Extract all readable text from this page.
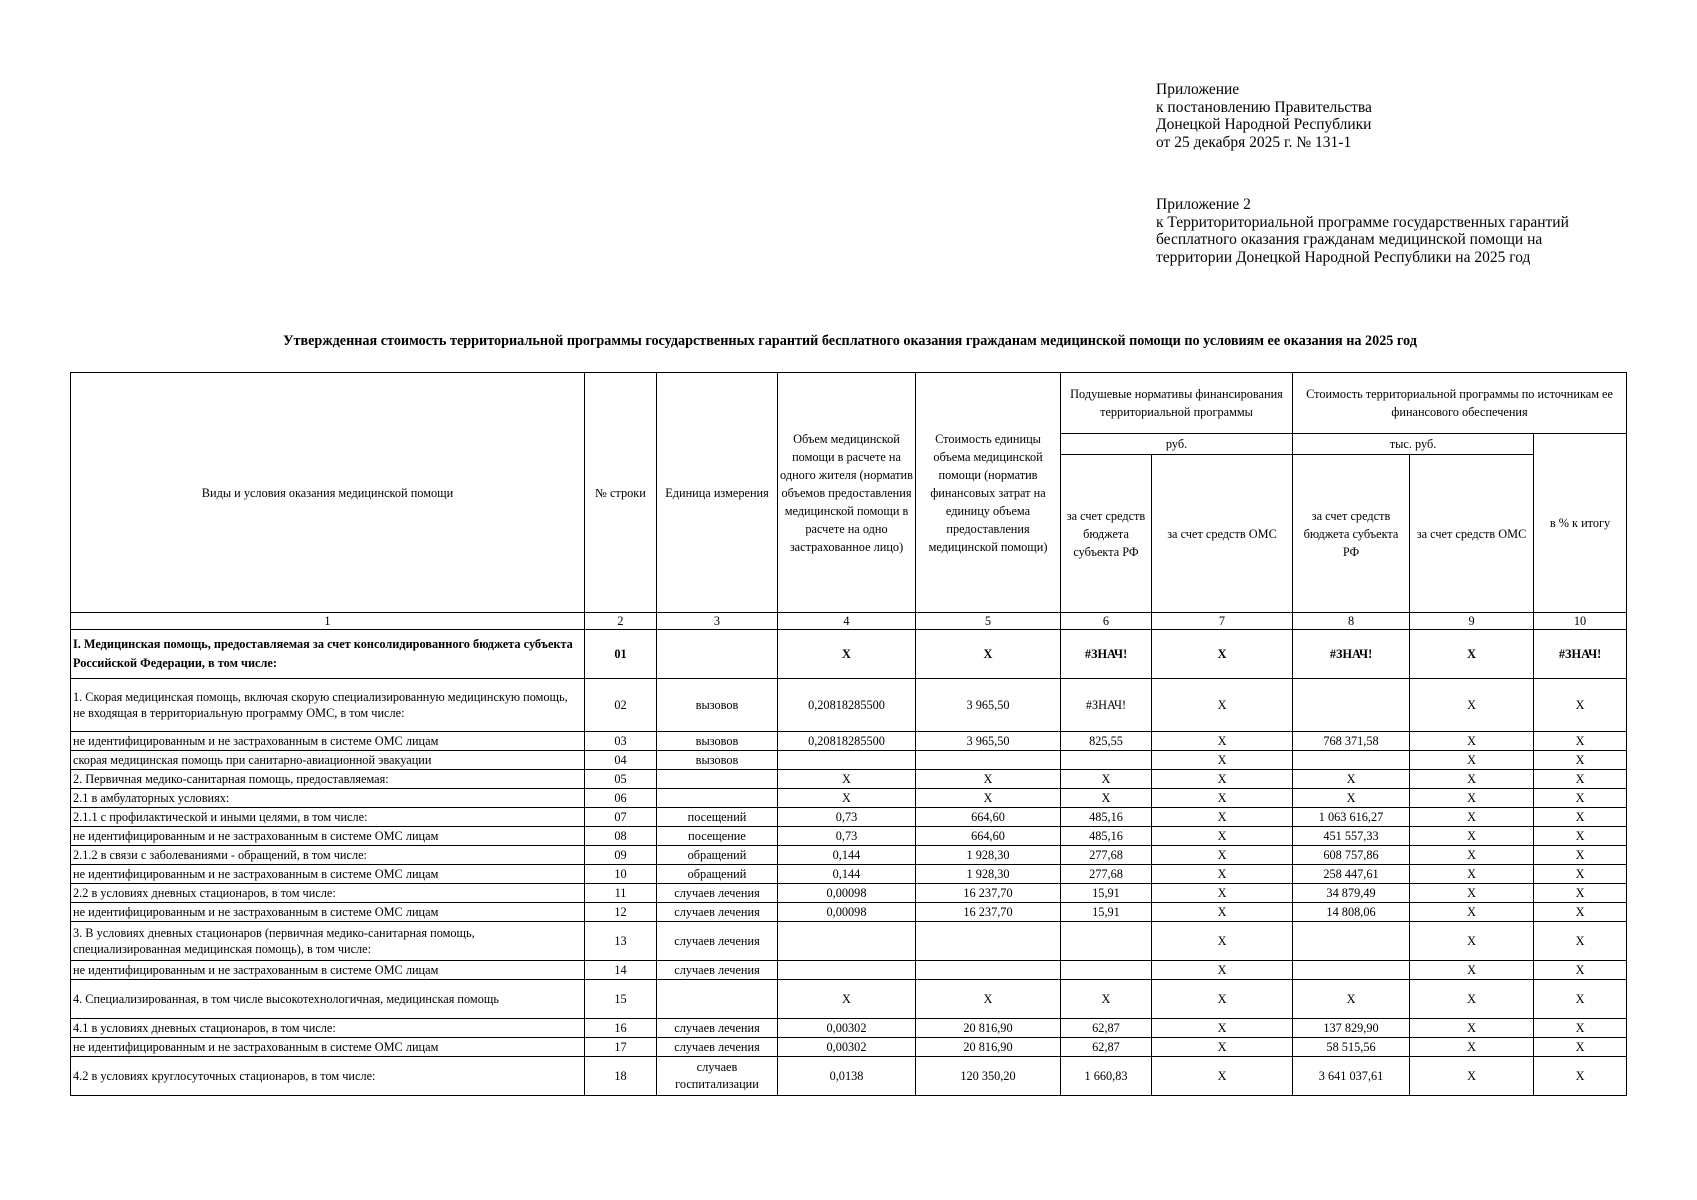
Приложение
к постановлению Правительства
Донецкой Народной Республики
от 25 декабря 2025 г. № 131-1
Приложение 2
к Территориториальной программе государственных гарантий
бесплатного оказания гражданам медицинской помощи на
территории Донецкой Народной Республики на 2025 год
Утвержденная стоимость территориальной программы государственных гарантий бесплатного оказания гражданам медицинской помощи по условиям ее оказания на 2025 год
Виды и условия оказания медицинской помощи	№ строки	Единица измерения	Объем медицинской помощи в расчете на одного жителя (норматив объемов предоставления медицинской помощи в расчете на одно застрахованное лицо)	Стоимость единицы объема медицинской помощи (норматив финансовых затрат на единицу объема предоставления медицинской помощи)	Подушевые нормативы финансирования территориальной программы		Стоимость территориальной программы по источникам ее финансового обеспечения		
					руб.		тыс. руб.		в % к итогу
					за счет средств бюджета субъекта РФ	за счет средств ОМС	за счет средств бюджета субъекта РФ	за счет средств ОМС	
1	2	3	4	5	6	7	8	9	10
I. Медицинская помощь, предоставляемая за счет консолидированного бюджета субъекта Российской Федерации, в том числе:	01		X	X	#ЗНАЧ!	X	#ЗНАЧ!	X	#ЗНАЧ!
1. Скорая медицинская помощь, включая скорую специализированную медицинскую помощь, не входящая в территориальную программу ОМС, в том числе:	02	вызовов	0,20818285500	3 965,50	#ЗНАЧ!	X		X	X
не идентифицированным и не застрахованным в системе ОМС лицам	03	вызовов	0,20818285500	3 965,50	825,55	X	768 371,58	X	X
скорая медицинская помощь при санитарно-авиационной эвакуации	04	вызовов				X		X	X
2. Первичная медико-санитарная помощь, предоставляемая:	05		X	X	X	X	X	X	X
2.1 в амбулаторных условиях:	06		X	X	X	X	X	X	X
2.1.1 с профилактической и иными целями, в том числе:	07	посещений	0,73	664,60	485,16	X	1 063 616,27	X	X
не идентифицированным и не застрахованным в системе ОМС лицам	08	посещение	0,73	664,60	485,16	X	451 557,33	X	X
2.1.2 в связи с заболеваниями - обращений, в том числе:	09	обращений	0,144	1 928,30	277,68	X	608 757,86	X	X
не идентифицированным и не застрахованным в системе ОМС лицам	10	обращений	0,144	1 928,30	277,68	X	258 447,61	X	X
2.2 в условиях дневных стационаров, в том числе:	11	случаев лечения	0,00098	16 237,70	15,91	X	34 879,49	X	X
не идентифицированным и не застрахованным в системе ОМС лицам	12	случаев лечения	0,00098	16 237,70	15,91	X	14 808,06	X	X
3. В условиях дневных стационаров (первичная медико-санитарная помощь, специализированная медицинская помощь), в том числе:	13	случаев лечения				X		X	X
не идентифицированным и не застрахованным в системе ОМС лицам	14	случаев лечения				X		X	X
4. Специализированная, в том числе высокотехнологичная, медицинская помощь	15		X	X	X	X	X	X	X
4.1 в условиях дневных стационаров, в том числе:	16	случаев лечения	0,00302	20 816,90	62,87	X	137 829,90	X	X
не идентифицированным и не застрахованным в системе ОМС лицам	17	случаев лечения	0,00302	20 816,90	62,87	X	58 515,56	X	X
4.2 в условиях круглосуточных стационаров, в том числе:	18	случаев госпитализации	0,0138	120 350,20	1 660,83	X	3 641 037,61	X	X
